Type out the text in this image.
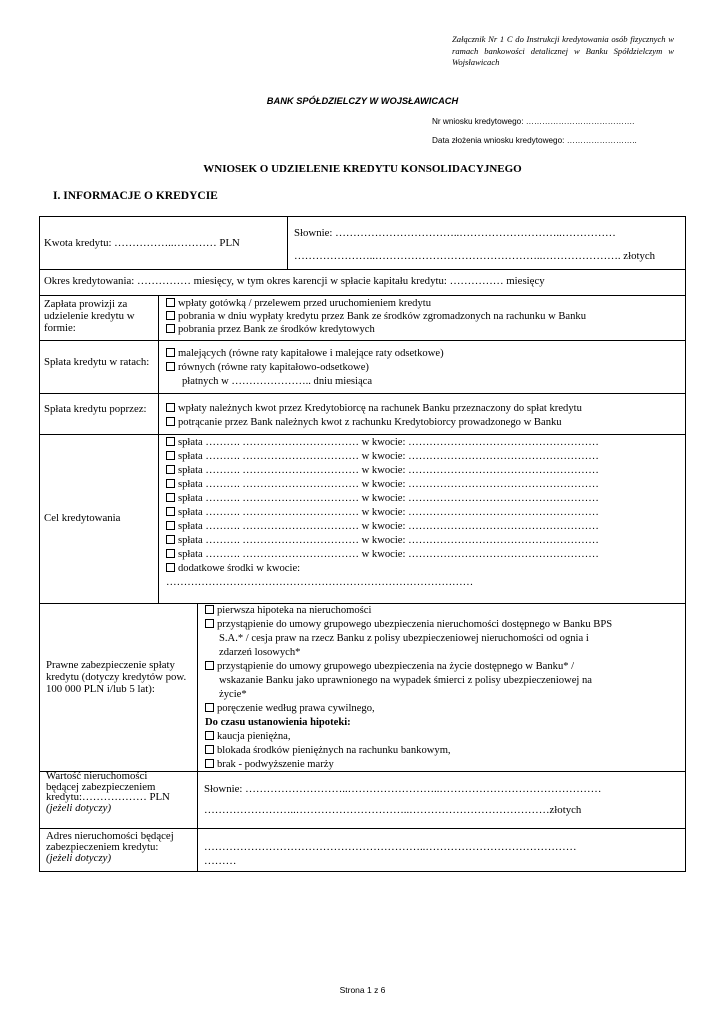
Załącznik Nr 1 C do Instrukcji kredytowania osób fizycznych w ramach bankowości detalicznej w Banku Spółdzielczym w Wojsławicach
BANK SPÓŁDZIELCZY W WOJSŁAWICACH
Nr wniosku kredytowego: ………………………………….
Data złożenia wniosku kredytowego: ……………………..
WNIOSEK O UDZIELENIE KREDYTU KONSOLIDACYJNEGO
I. INFORMACJE O KREDYCIE
Kwota kredytu: ……………..………… PLN
Słownie: ……………………………..………………………..……………
…………………..………………………………………..…………………. złotych
Okres kredytowania: …………… miesięcy, w tym okres karencji w spłacie kapitału kredytu: …………… miesięcy
Zapłata prowizji za udzielenie kredytu w formie:
wpłaty gotówką / przelewem przed uruchomieniem kredytu
pobrania w dniu wypłaty kredytu przez Bank ze środków zgromadzonych na rachunku w Banku
pobrania przez Bank ze środków kredytowych
Spłata kredytu w ratach:
malejących (równe raty kapitałowe i malejące raty odsetkowe)
równych (równe raty kapitałowo-odsetkowe)
płatnych w ………………….. dniu miesiąca
Spłata kredytu poprzez:	wpłaty należnych kwot przez Kredytobiorcę na rachunek Banku przeznaczony do spłat kredytu
potrącanie przez Bank należnych kwot z rachunku Kredytobiorcy prowadzonego w Banku
Cel kredytowania
spłata ………. …………………………… w kwocie: ………………………………………………
spłata ………. …………………………… w kwocie: ………………………………………………
spłata ………. …………………………… w kwocie: ………………………………………………
spłata ………. …………………………… w kwocie: ………………………………………………
spłata ………. …………………………… w kwocie: ………………………………………………
spłata ………. …………………………… w kwocie: ………………………………………………
spłata ………. …………………………… w kwocie: ………………………………………………
spłata ………. …………………………… w kwocie: ………………………………………………
spłata ………. …………………………… w kwocie: ………………………………………………
dodatkowe środki w kwocie:
……………………………………………………………………………
Prawne zabezpieczenie spłaty kredytu (dotyczy kredytów pow. 100 000 PLN i/lub 5 lat):
pierwsza hipoteka na nieruchomości
przystąpienie do umowy grupowego ubezpieczenia nieruchomości dostępnego w Banku BPS
S.A.* / cesja praw na rzecz Banku z polisy ubezpieczeniowej nieruchomości od ognia i
zdarzeń losowych*
przystąpienie do umowy grupowego ubezpieczenia na życie dostępnego w Banku* /
wskazanie Banku jako uprawnionego na wypadek śmierci z polisy ubezpieczeniowej na
życie*
poręczenie według prawa cywilnego,
Do czasu ustanowienia hipoteki:
kaucja pieniężna,
blokada środków pieniężnych na rachunku bankowym,
brak - podwyższenie marży
Wartość nieruchomości
będącej zabezpieczeniem
kredytu:……………… PLN
(jeżeli dotyczy)
Słownie: ………………………..……………………..………………………………………
……………………..…………………………..…………………………………złotych
Adres nieruchomości będącej
zabezpieczeniem kredytu:
(jeżeli dotyczy)
……………………………………………………..……………………………………
………
Strona 1 z 6
